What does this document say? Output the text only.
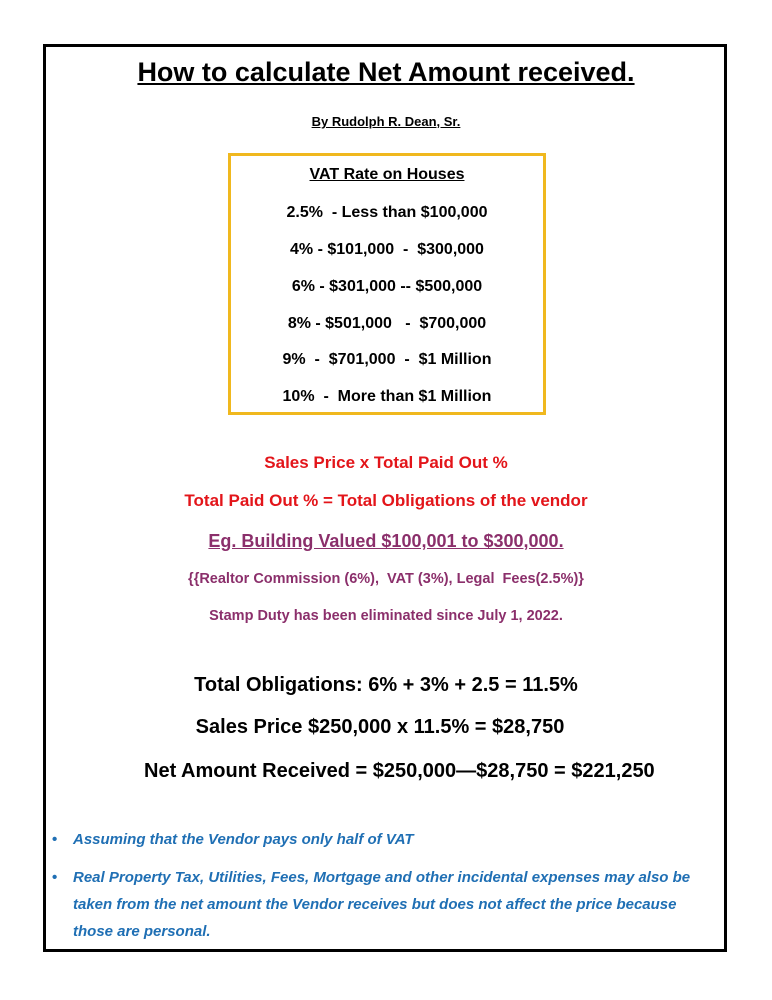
How to calculate Net Amount received.
By Rudolph R. Dean, Sr.
VAT Rate on Houses
2.5%  - Less than $100,000
4% - $101,000  -  $300,000
6% - $301,000 -- $500,000
8% - $501,000   -  $700,000
9%  -  $701,000  -  $1 Million
10%  -  More than $1 Million
Sales Price x Total Paid Out %
Total Paid Out % = Total Obligations of the vendor
Eg. Building Valued $100,001 to $300,000.
{{Realtor Commission (6%),  VAT (3%), Legal  Fees(2.5%)}
Stamp Duty has been eliminated since July 1, 2022.
Total Obligations: 6% + 3% + 2.5 = 11.5%
Sales Price $250,000 x 11.5% = $28,750
Net Amount Received = $250,000—$28,750 = $221,250
• Assuming that the Vendor pays only half of VAT
• Real Property Tax, Utilities, Fees, Mortgage and other incidental expenses may also be taken from the net amount the Vendor receives but does not affect the price because those are personal.
